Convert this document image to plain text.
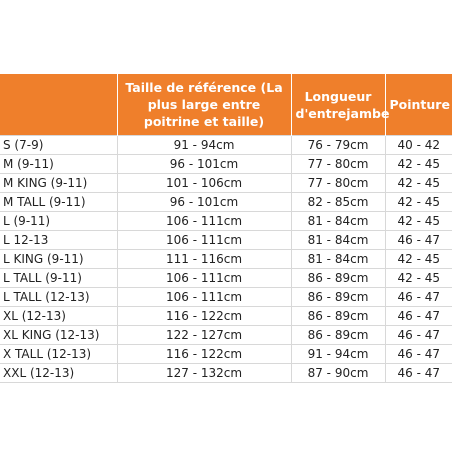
	Taille de référence (La plus large entre poitrine et taille)	Longueur d'entrejambe	Pointure
S (7-9)	91 - 94cm	76 - 79cm	40 - 42
M (9-11)	96 - 101cm	77 - 80cm	42 - 45
M KING (9-11)	101 - 106cm	77 - 80cm	42 - 45
M TALL (9-11)	96 - 101cm	82 - 85cm	42 - 45
L (9-11)	106 - 111cm	81 - 84cm	42 - 45
L 12-13	106 - 111cm	81 - 84cm	46 - 47
L KING (9-11)	111 - 116cm	81 - 84cm	42 - 45
L TALL (9-11)	106 - 111cm	86 - 89cm	42 - 45
L TALL (12-13)	106 - 111cm	86 - 89cm	46 - 47
XL (12-13)	116 - 122cm	86 - 89cm	46 - 47
XL KING (12-13)	122 - 127cm	86 - 89cm	46 - 47
X TALL (12-13)	116 - 122cm	91 - 94cm	46 - 47
XXL (12-13)	127 - 132cm	87 - 90cm	46 - 47
